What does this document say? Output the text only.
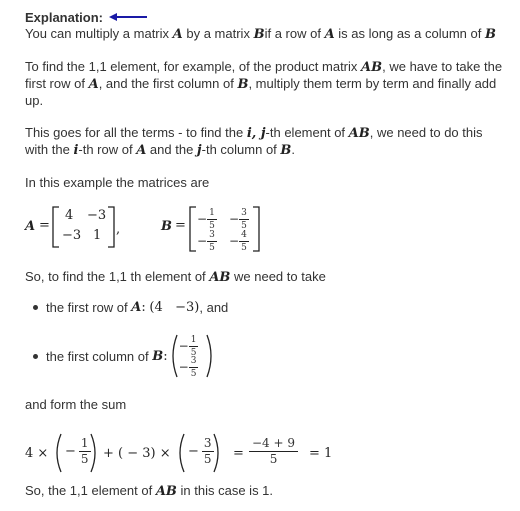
Explanation:

You can multiply a matrix A by a matrix Bif a row of A is as long as a column of B

To find the 1,1 element, for example, of the product matrix AB, we have to take the
first row of A, and the first column of B, multiply them term by term and finally add
up.

This goes for all the terms - to find the i, j-th element of AB, we need to do this
with the i-th row of A and the j-th column of B.

In this example the matrices are

A =
4 −3
−3 1 ,	B = − $\frac{1}{5} - \frac{3}{5}$
− $\frac{3}{5} - \frac{4}{5}$

So, to find the 1,1 th element of AB we need to take

the first row of
A :
(4   −3) , and
the first column of
B :
− $\frac{1}{5}$
− $\frac{3}{5}$

and form the sum

4 × − $\frac{1}{5}$ + ( − 3) × − $\frac{3}{5} = \frac{-4 + 9}{5} = 1$

So, the 1,1 element of AB in this case is 1.
